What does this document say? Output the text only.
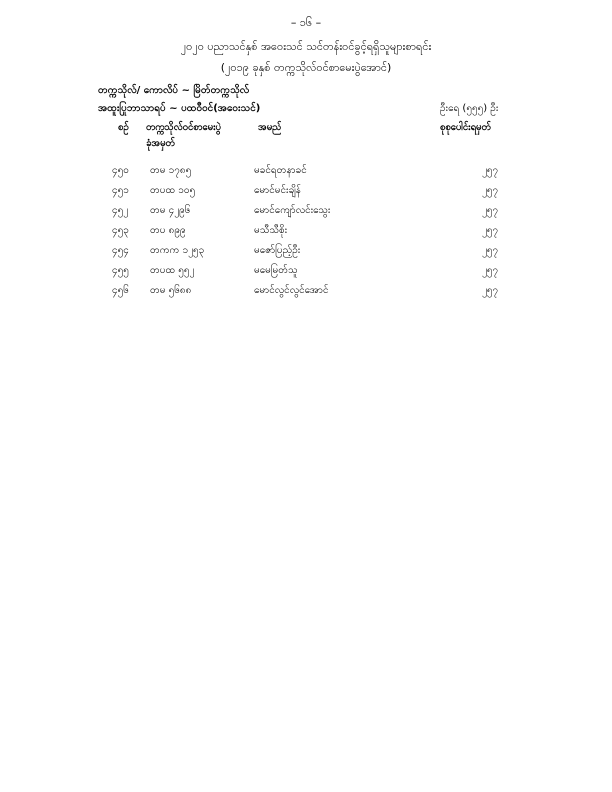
– ၁၆ –
၂၀၂၀ ပညာသင်နှစ် အဝေးသင် သင်တန်းဝင်ခွင့်ရရှိသူများစာရင်း
(၂၀၁၉ ခုနှစ် တက္ကသိုလ်ဝင်စာမေးပွဲအောင်)
တက္ကသိုလ်/ ကောလိပ် ~ မြိတ်တက္ကသိုလ်
အထူးပြုဘာသာရပ် ~ ပထဝီဝင်(အဝေးသင်)	ဦးရေ (၅၅၅) ဦး
စဉ် တက္ကသိုလ်ဝင်စာမေးပွဲ
ခုံအမှတ်
အမည်	စုစုပေါင်းရမှတ်
၄၅၀ တမ ၁၇၈၅	မခင်ရတနာခင်	၂၅၇
၄၅၁ တပထ ၁၀၅	မောင်မင်းချိန်	၂၅၇
၄၅၂ တမ ၄၂၉၆	မောင်ကျော်လင်းသွေး	၂၅၇
၄၅၃ တပ ၈၉၉	မသီသီစိုး	၂၅၇
၄၅၄ တကက ၁၂၅၃	မဇော်ပြည့်ဦး	၂၅၇
၄၅၅ တပထ ၅၅၂	မမေမြတ်သူ	၂၅၇
၄၅၆ တမ ၅၆၈၈	မောင်လွင်လွင်အောင်	၂၅၇
